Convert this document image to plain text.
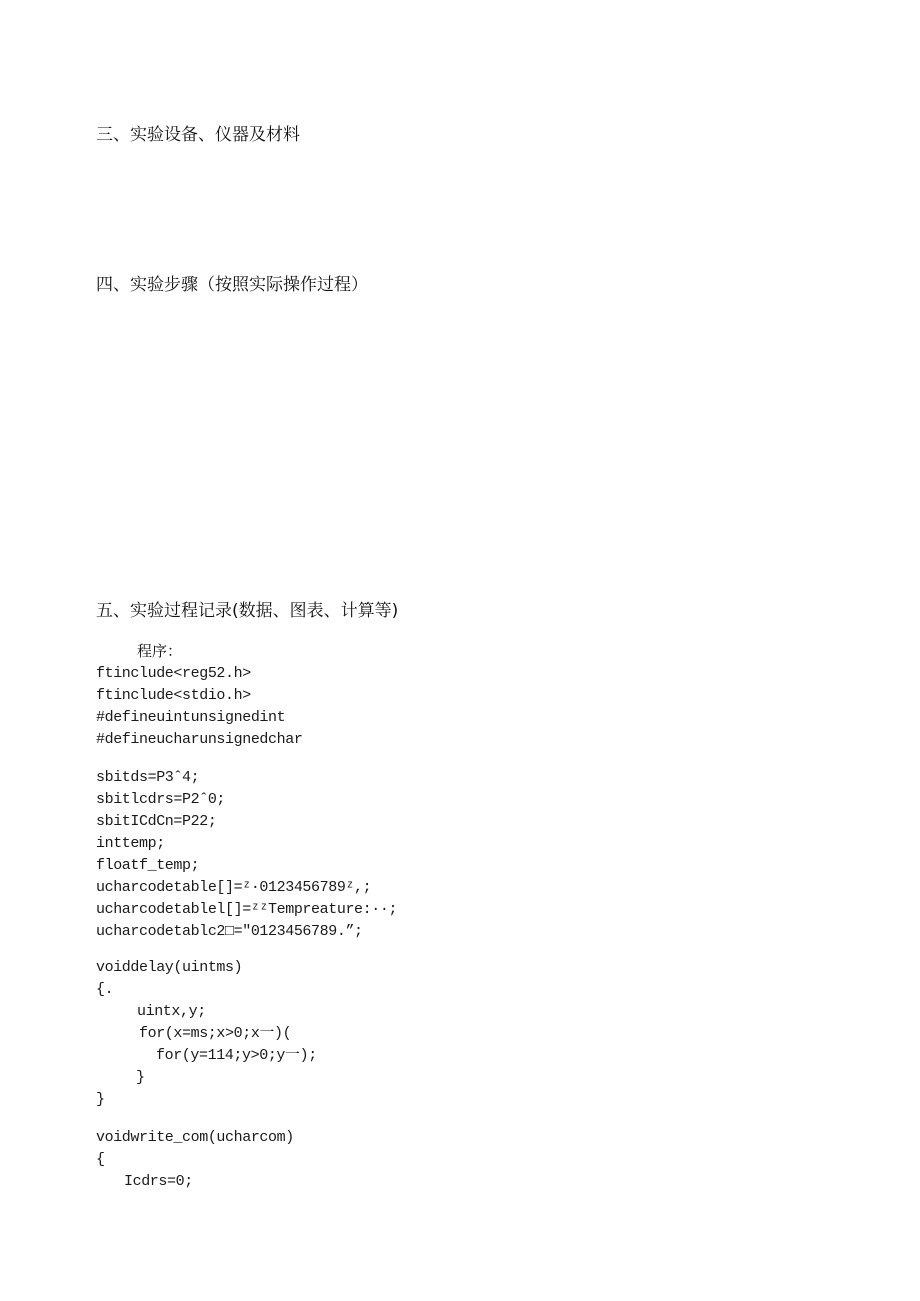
三、实验设备、仪器及材料
四、实验步骤（按照实际操作过程）
五、实验过程记录(数据、图表、计算等)
程序：
ftinclude<reg52.h>
ftinclude<stdio.h>
#defineuintunsignedint
#defineucharunsignedchar
sbitds=P3ˆ4;
sbitlcdrs=P2ˆ0;
sbitICdCn=P22;
inttemp;
floatf_temp;
ucharcodetable[]=ᶻ·0123456789ᶻ,;
ucharcodetablel[]=ᶻᶻTempreature:··;
ucharcodetablc2□="0123456789.”;
voiddelay(uintms)
{.
uintx,y;
for(x=ms;x>0;x一)(
for(y=114;y>0;y一);
}
}
voidwrite_com(ucharcom)
{
Icdrs=0;
